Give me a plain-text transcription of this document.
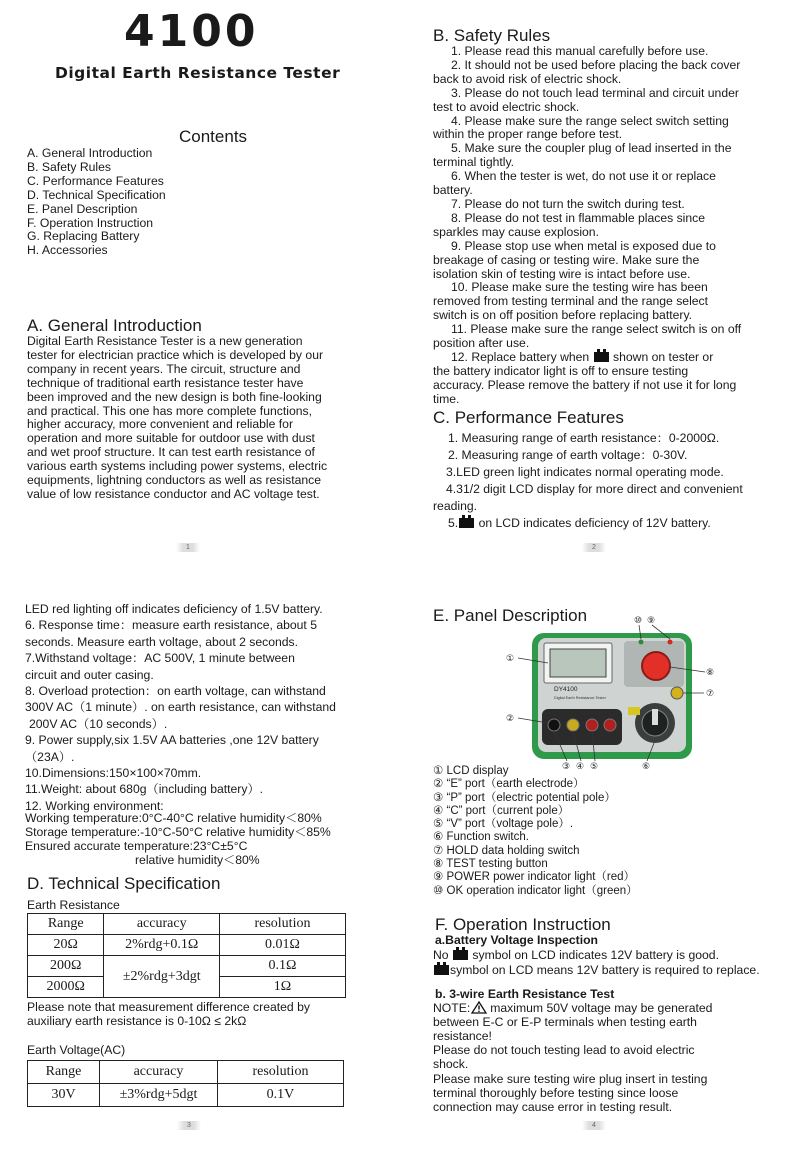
4100
Digital Earth Resistance Tester
Contents
A. General Introduction
B. Safety Rules
C. Performance Features
D. Technical Specification
E. Panel Description
F. Operation Instruction
G. Replacing Battery
H. Accessories
A. General Introduction
Digital Earth Resistance Tester is a new generation
tester for electrician practice which is developed by our
company in recent years. The circuit, structure and
technique of traditional earth resistance tester have
been improved and the new design is both fine-looking
and practical. This one has more complete functions,
higher accuracy, more convenient and reliable for
operation and more suitable for outdoor use with dust
and wet proof structure. It can test earth resistance of
various earth systems including power systems, electric
equipments, lightning conductors as well as resistance
value of low resistance conductor and AC voltage test.
1
B. Safety Rules
1. Please read this manual carefully before use.
2. It should not be used before placing the back cover
back to avoid risk of electric shock.
3. Please do not touch lead terminal and circuit under
test to avoid electric shock.
4. Please make sure the range select switch setting
within the proper range before test.
5. Make sure the coupler plug of lead inserted in the
terminal tightly.
6. When the tester is wet, do not use it or replace
battery.
7. Please do not turn the switch during test.
8. Please do not test in flammable places since
sparkles may cause explosion.
9. Please stop use when metal is exposed due to
breakage of casing or testing wire. Make sure the
isolation skin of testing wire is intact before use.
10. Please make sure the testing wire has been
removed from testing terminal and the range select
switch is on off position before replacing battery.
11. Please make sure the range select switch is on off
position after use.
12. Replace battery when shown on tester or
the battery indicator light is off to ensure testing
accuracy. Please remove the battery if not use it for long
time.
C. Performance Features
1. Measuring range of earth resistance：0-2000Ω.
2. Measuring range of earth voltage：0-30V.
3.LED green light indicates normal operating mode.
4.31/2 digit LCD display for more direct and convenient
reading.
5. on LCD indicates deficiency of 12V battery.
2
LED red lighting off indicates deficiency of 1.5V battery.
6. Response time：measure earth resistance, about 5
seconds. Measure earth voltage, about 2 seconds.
7.Withstand voltage：AC 500V, 1 minute between
circuit and outer casing.
8. Overload protection：on earth voltage, can withstand
300V AC（1 minute）. on earth resistance, can withstand
200V AC（10 seconds）.
9. Power supply,six 1.5V AA batteries ,one 12V battery
（23A）.
10.Dimensions:150×100×70mm.
11.Weight: about 680g（including battery）.
12. Working environment:
Working temperature:0°C-40°C relative humidity＜80%
Storage temperature:-10°C-50°C relative humidity＜85%
Ensured accurate temperature:23°C±5°C
relative humidity＜80%
D. Technical Specification
Earth Resistance
Range	accuracy	resolution
20Ω	2%rdg+0.1Ω	0.01Ω
200Ω	±2%rdg+3dgt	0.1Ω
2000Ω		1Ω
Please note that measurement difference created by
auxiliary earth resistance is 0-10Ω ≤ 2kΩ
Earth Voltage(AC)
Range	accuracy	resolution
30V	±3%rdg+5dgt	0.1V
3
E. Panel Description
DY4100
Digital Earth Resistance Tester
①
②
③ ④ ⑤	⑥
⑦
⑧
⑨
⑩
① LCD display
② “E” port（earth electrode）
③ “P” port（electric potential pole）
④ “C” port（current pole）
⑤ “V” port（voltage pole）.
⑥ Function switch.
⑦ HOLD data holding switch
⑧ TEST testing button
⑨ POWER power indicator light（red）
⑩ OK operation indicator light（green）
F. Operation Instruction
a.Battery Voltage Inspection
No symbol on LCD indicates 12V battery is good.
symbol on LCD means 12V battery is required to replace.
b. 3-wire Earth Resistance Test
NOTE: maximum 50V voltage may be generated
between E-C or E-P terminals when testing earth
resistance!
Please do not touch testing lead to avoid electric
shock.
Please make sure testing wire plug insert in testing
terminal thoroughly before testing since loose
connection may cause error in testing result.
4
